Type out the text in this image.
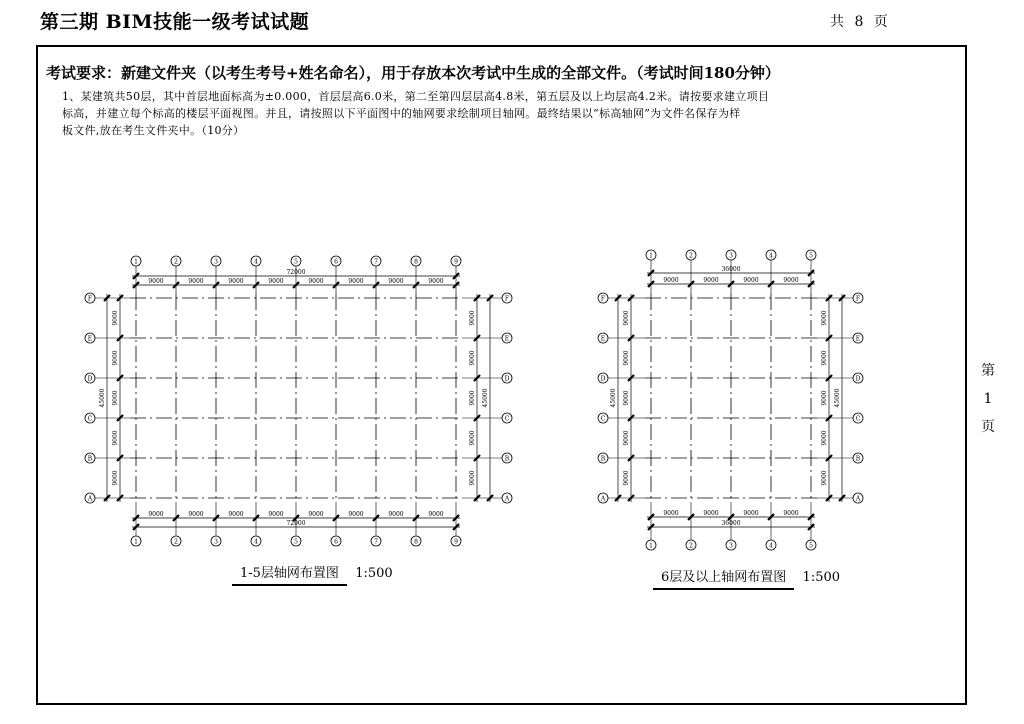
第三期 BIM技能一级考试试题	共 8 页
考试要求：新建文件夹（以考生考号+姓名命名），用于存放本次考试中生成的全部文件。（考试时间180分钟）
1、某建筑共50层，其中首层地面标高为±0.000，首层层高6.0米，第二至第四层层高4.8米，第五层及以上均层高4.2米。请按要求建立项目
标高，并建立每个标高的楼层平面视图。并且，请按照以下平面图中的轴网要求绘制项目轴网。最终结果以“标高轴网”为文件名保存为样
板文件,放在考生文件夹中。（10分）
第
1
页
1
1
2
2
3
3
4
4
5
5
6
6
7
7
8
8
9
9
A	A
B	B
C	C
D	D
E	E
F	F
9000	9000	9000	9000	9000	9000	9000	9000
72000
9000	9000	9000	9000	9000	9000	9000	9000
72000
9000
9000
9000
9000
9000
45000
9000
9000
9000
9000
9000
45000
1
1
2
2
3
3
4
4
5
5
A	A
B	B
C	C
D	D
E	E
F	F
9000	9000	9000	9000
36000
9000	9000	9000	9000
36000
9000
9000
9000
9000
9000
45000
9000
9000
9000
9000
9000
45000
1-5层轴网布置图 1:500	6层及以上轴网布置图 1:500
